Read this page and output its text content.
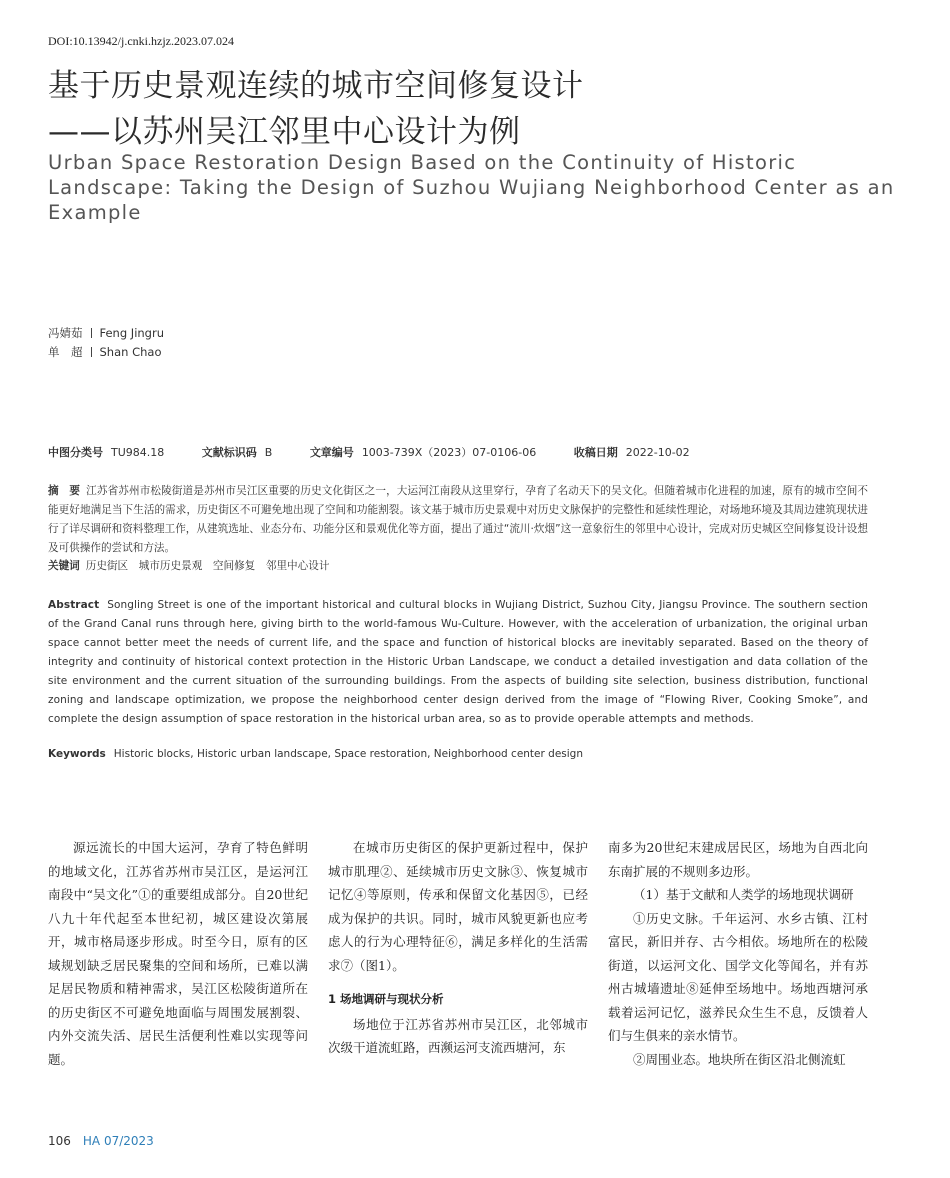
DOI:10.13942/j.cnki.hzjz.2023.07.024
基于历史景观连续的城市空间修复设计
——以苏州吴江邻里中心设计为例
Urban Space Restoration Design Based on the Continuity of Historic Landscape: Taking the Design of Suzhou Wujiang Neighborhood Center as an Example
冯婧茹 Feng Jingru
单　超 Shan Chao
中图分类号 TU984.18	文献标识码 B	文章编号 1003-739X（2023）07-0106-06	收稿日期 2022-10-02
摘　要 江苏省苏州市松陵街道是苏州市吴江区重要的历史文化街区之一，大运河江南段从这里穿行，孕育了名动天下的吴文化。但随着城市化进程的加速，原有的城市空间不能更好地满足当下生活的需求，历史街区不可避免地出现了空间和功能割裂。该文基于城市历史景观中对历史文脉保护的完整性和延续性理论，对场地环境及其周边建筑现状进行了详尽调研和资料整理工作，从建筑选址、业态分布、功能分区和景观优化等方面，提出了通过“流川·炊烟”这一意象衍生的邻里中心设计，完成对历史城区空间修复设计设想及可供操作的尝试和方法。
关键词 历史街区　城市历史景观　空间修复　邻里中心设计
Abstract Songling Street is one of the important historical and cultural blocks in Wujiang District, Suzhou City, Jiangsu Province. The southern section of the Grand Canal runs through here, giving birth to the world-famous Wu-Culture. However, with the acceleration of urbanization, the original urban space cannot better meet the needs of current life, and the space and function of historical blocks are inevitably separated. Based on the theory of integrity and continuity of historical context protection in the Historic Urban Landscape, we conduct a detailed investigation and data collation of the site environment and the current situation of the surrounding buildings. From the aspects of building site selection, business distribution, functional zoning and landscape optimization, we propose the neighborhood center design derived from the image of “Flowing River, Cooking Smoke”, and complete the design assumption of space restoration in the historical urban area, so as to provide operable attempts and methods.
Keywords Historic blocks, Historic urban landscape, Space restoration, Neighborhood center design

源远流长的中国大运河，孕育了特色鲜明的地域文化，江苏省苏州市吴江区，是运河江南段中“吴文化”①的重要组成部分。自20世纪八九十年代起至本世纪初，城区建设次第展开，城市格局逐步形成。时至今日，原有的区域规划缺乏居民聚集的空间和场所，已难以满足居民物质和精神需求，吴江区松陵街道所在的历史街区不可避免地面临与周围发展割裂、内外交流失活、居民生活便利性难以实现等问题。

在城市历史街区的保护更新过程中，保护城市肌理②、延续城市历史文脉③、恢复城市记忆④等原则，传承和保留文化基因⑤，已经成为保护的共识。同时，城市风貌更新也应考虑人的行为心理特征⑥，满足多样化的生活需求⑦（图1）。

1 场地调研与现状分析

场地位于江苏省苏州市吴江区，北邻城市次级干道流虹路，西濒运河支流西塘河，东

南多为20世纪末建成居民区，场地为自西北向东南扩展的不规则多边形。

（1）基于文献和人类学的场地现状调研

①历史文脉。千年运河、水乡古镇、江村富民，新旧并存、古今相依。场地所在的松陵街道，以运河文化、国学文化等闻名，并有苏州古城墙遗址⑧延伸至场地中。场地西塘河承载着运河记忆，滋养民众生生不息，反馈着人们与生俱来的亲水情节。

②周围业态。地块所在街区沿北侧流虹

106 HA 07/2023
